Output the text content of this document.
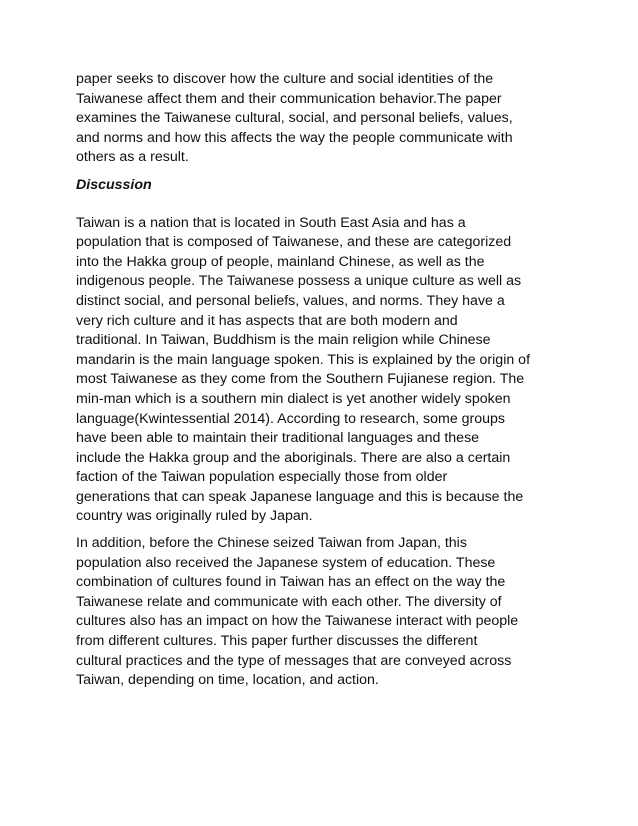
paper seeks to discover how the culture and social identities of the
Taiwanese affect them and their communication behavior.The paper
examines the Taiwanese cultural, social, and personal beliefs, values,
and norms and how this affects the way the people communicate with
others as a result.

Discussion

Taiwan is a nation that is located in South East Asia and has a
population that is composed of Taiwanese, and these are categorized
into the Hakka group of people, mainland Chinese, as well as the
indigenous people. The Taiwanese possess a unique culture as well as
distinct social, and personal beliefs, values, and norms. They have a
very rich culture and it has aspects that are both modern and
traditional. In Taiwan, Buddhism is the main religion while Chinese
mandarin is the main language spoken. This is explained by the origin of
most Taiwanese as they come from the Southern Fujianese region. The
min-man which is a southern min dialect is yet another widely spoken
language(Kwintessential 2014). According to research, some groups
have been able to maintain their traditional languages and these
include the Hakka group and the aboriginals. There are also a certain
faction of the Taiwan population especially those from older
generations that can speak Japanese language and this is because the
country was originally ruled by Japan.

In addition, before the Chinese seized Taiwan from Japan, this
population also received the Japanese system of education. These
combination of cultures found in Taiwan has an effect on the way the
Taiwanese relate and communicate with each other. The diversity of
cultures also has an impact on how the Taiwanese interact with people
from different cultures. This paper further discusses the different
cultural practices and the type of messages that are conveyed across
Taiwan, depending on time, location, and action.
